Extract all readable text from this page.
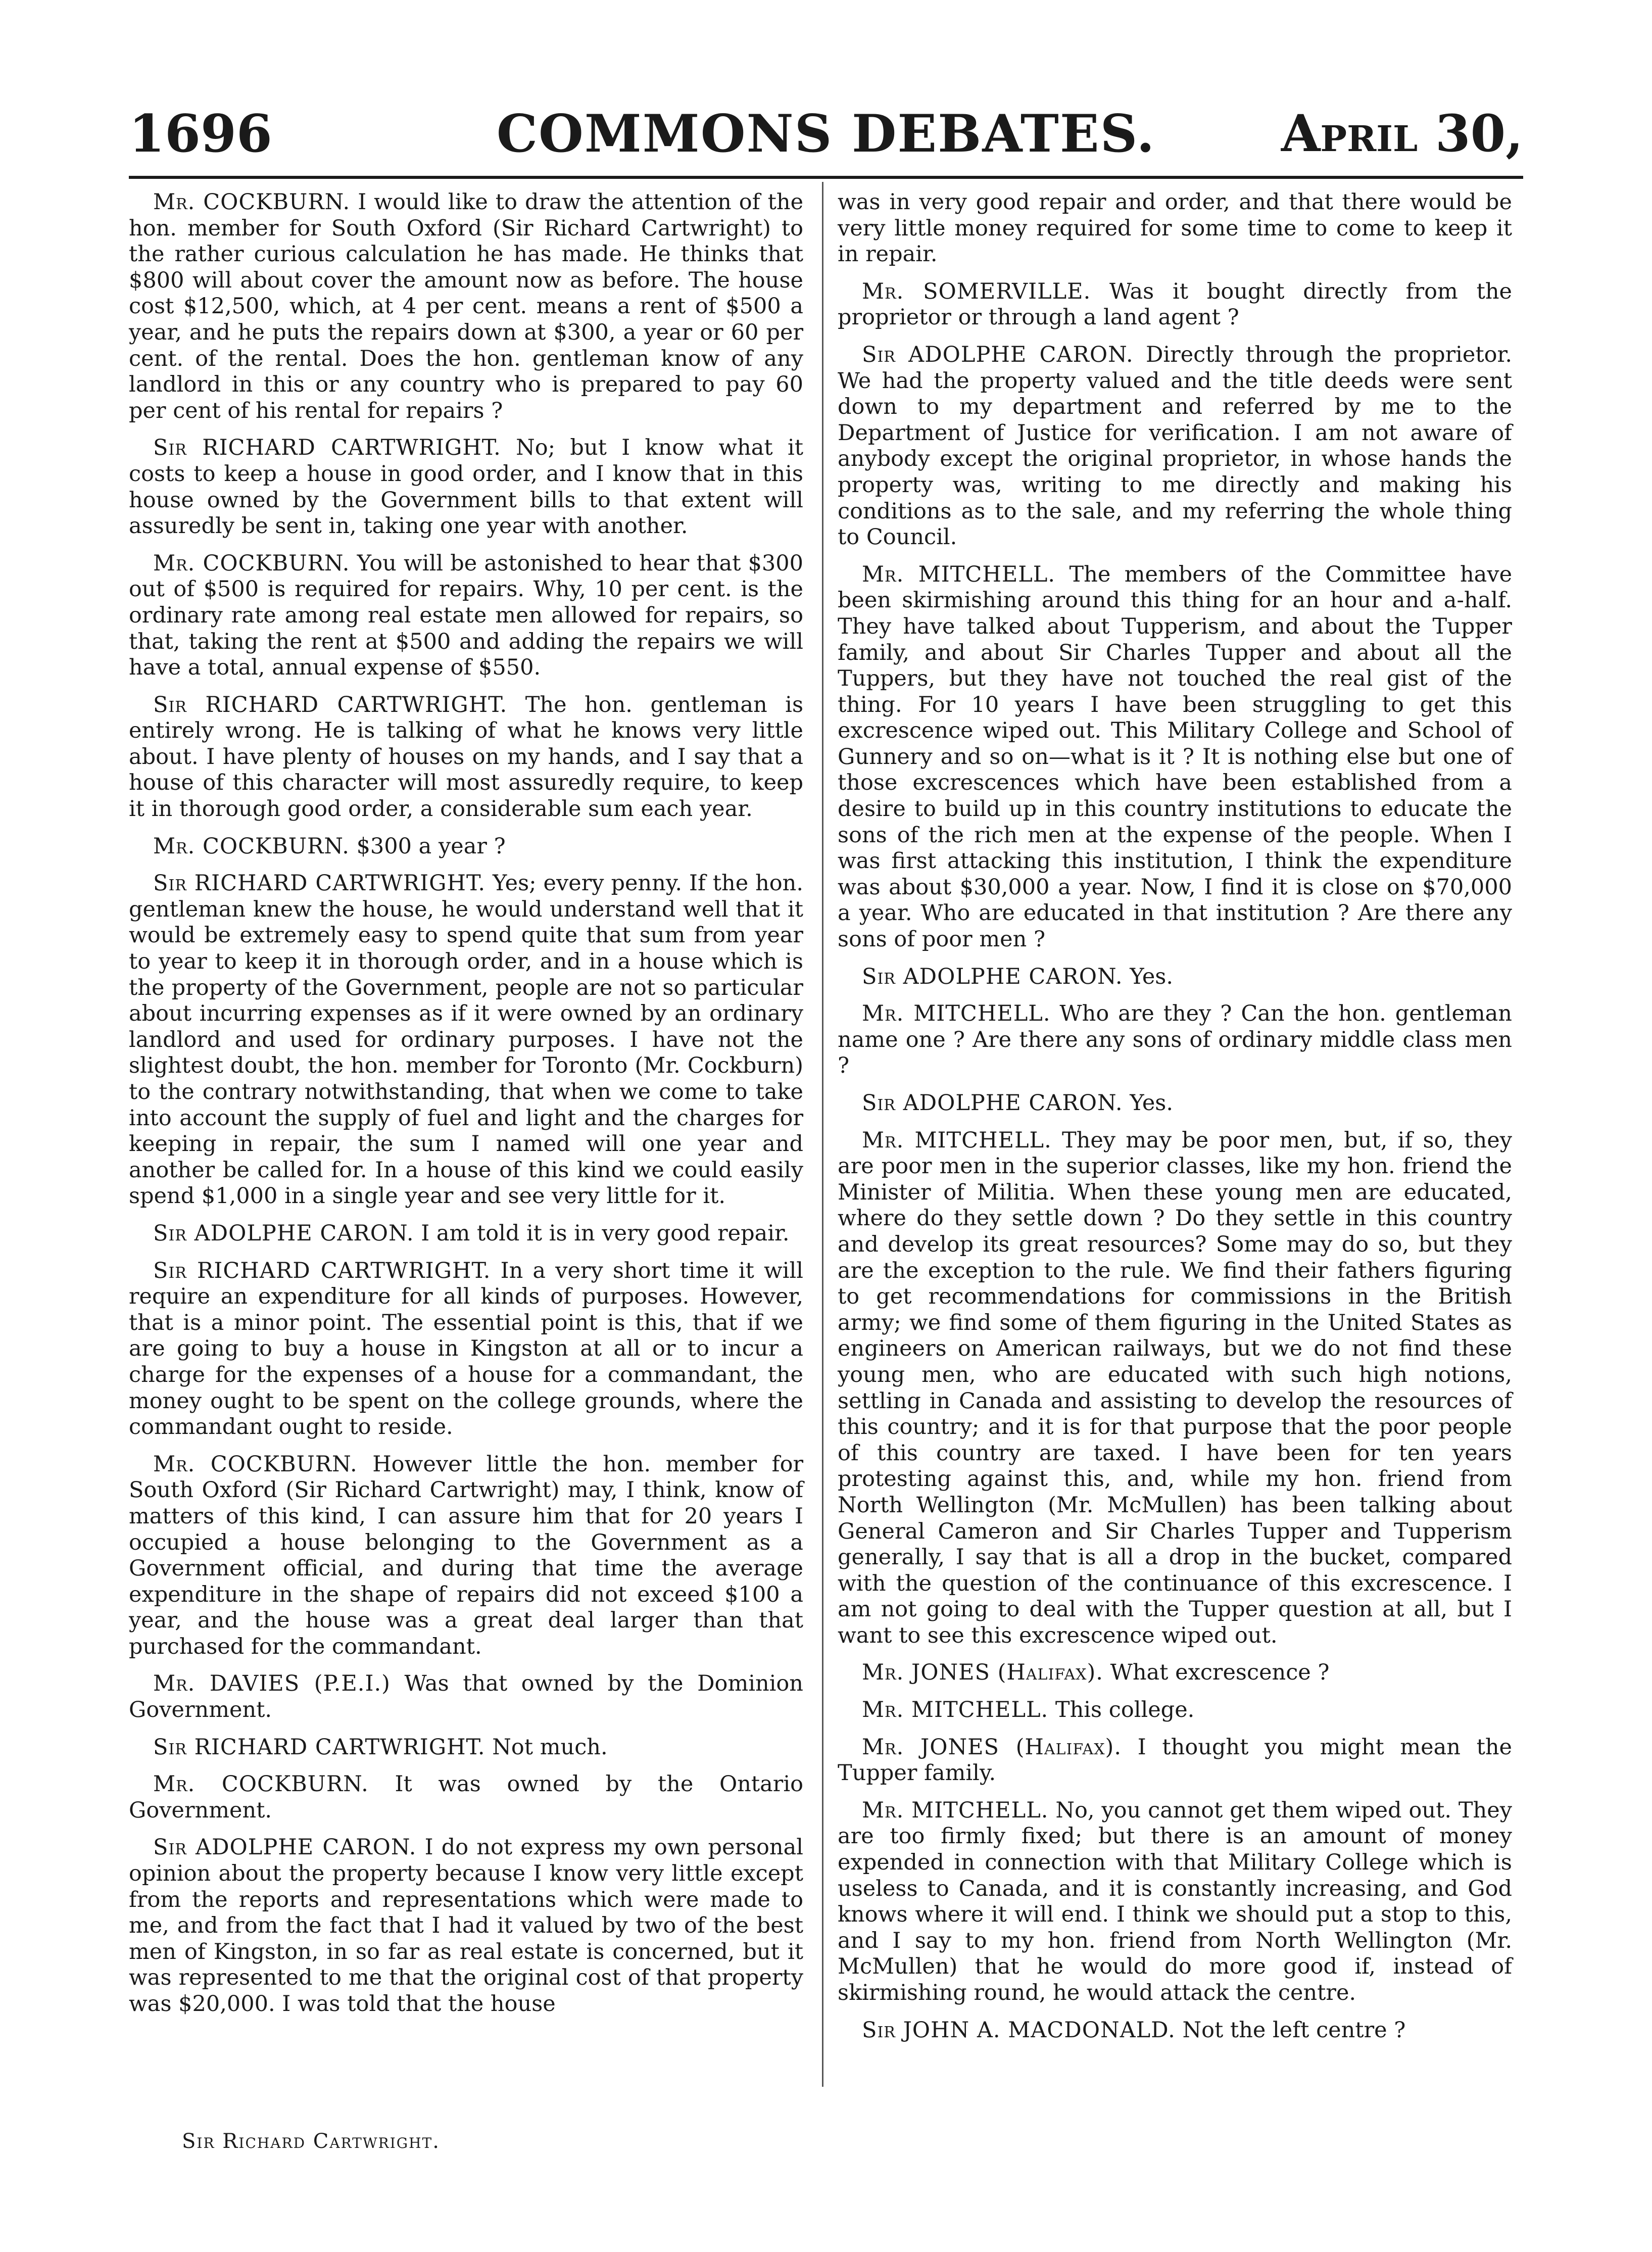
1696	COMMONS DEBATES.	April 30,

Mr. COCKBURN. I would like to draw the attention of the hon. member for South Oxford (Sir Richard Cartwright) to the rather curious calculation he has made. He thinks that $800 will about cover the amount now as before. The house cost $12,500, which, at 4 per cent. means a rent of $500 a year, and he puts the repairs down at $300, a year or 60 per cent. of the rental. Does the hon. gentleman know of any landlord in this or any country who is prepared to pay 60 per cent of his rental for repairs ?

Sir RICHARD CARTWRIGHT. No; but I know what it costs to keep a house in good order, and I know that in this house owned by the Government bills to that extent will assuredly be sent in, taking one year with another.

Mr. COCKBURN. You will be astonished to hear that $300 out of $500 is required for repairs. Why, 10 per cent. is the ordinary rate among real estate men allowed for repairs, so that, taking the rent at $500 and adding the repairs we will have a total, annual expense of $550.

Sir RICHARD CARTWRIGHT. The hon. gentleman is entirely wrong. He is talking of what he knows very little about. I have plenty of houses on my hands, and I say that a house of this character will most assuredly require, to keep it in thorough good order, a considerable sum each year.

Mr. COCKBURN. $300 a year ?

Sir RICHARD CARTWRIGHT. Yes; every penny. If the hon. gentleman knew the house, he would understand well that it would be extremely easy to spend quite that sum from year to year to keep it in thorough order, and in a house which is the property of the Government, people are not so particular about incurring expenses as if it were owned by an ordinary landlord and used for ordinary purposes. I have not the slightest doubt, the hon. member for Toronto (Mr. Cockburn) to the contrary notwithstanding, that when we come to take into account the supply of fuel and light and the charges for keeping in repair, the sum I named will one year and another be called for. In a house of this kind we could easily spend $1,000 in a single year and see very little for it.

Sir ADOLPHE CARON. I am told it is in very good repair.

Sir RICHARD CARTWRIGHT. In a very short time it will require an expenditure for all kinds of purposes. However, that is a minor point. The essential point is this, that if we are going to buy a house in Kingston at all or to incur a charge for the expenses of a house for a commandant, the money ought to be spent on the college grounds, where the commandant ought to reside.

Mr. COCKBURN. However little the hon. member for South Oxford (Sir Richard Cartwright) may, I think, know of matters of this kind, I can assure him that for 20 years I occupied a house belonging to the Government as a Government official, and during that time the average expenditure in the shape of repairs did not exceed $100 a year, and the house was a great deal larger than that purchased for the commandant.

Mr. DAVIES (P.E.I.) Was that owned by the Dominion Government.

Sir RICHARD CARTWRIGHT. Not much.

Mr. COCKBURN. It was owned by the Ontario Government.

Sir ADOLPHE CARON. I do not express my own personal opinion about the property because I know very little except from the reports and representations which were made to me, and from the fact that I had it valued by two of the best men of Kingston, in so far as real estate is concerned, but it was represented to me that the original cost of that property was $20,000. I was told that the house

was in very good repair and order, and that there would be very little money required for some time to come to keep it in repair.

Mr. SOMERVILLE. Was it bought directly from the proprietor or through a land agent ?

Sir ADOLPHE CARON. Directly through the proprietor. We had the property valued and the title deeds were sent down to my department and referred by me to the Department of Justice for verification. I am not aware of anybody except the original proprietor, in whose hands the property was, writing to me directly and making his conditions as to the sale, and my referring the whole thing to Council.

Mr. MITCHELL. The members of the Committee have been skirmishing around this thing for an hour and a-half. They have talked about Tupperism, and about the Tupper family, and about Sir Charles Tupper and about all the Tuppers, but they have not touched the real gist of the thing. For 10 years I have been struggling to get this excrescence wiped out. This Military College and School of Gunnery and so on—what is it ? It is nothing else but one of those excrescences which have been established from a desire to build up in this country institutions to educate the sons of the rich men at the expense of the people. When I was first attacking this institution, I think the expenditure was about $30,000 a year. Now, I find it is close on $70,000 a year. Who are educated in that institution ? Are there any sons of poor men ?

Sir ADOLPHE CARON. Yes.

Mr. MITCHELL. Who are they ? Can the hon. gentleman name one ? Are there any sons of ordinary middle class men ?

Sir ADOLPHE CARON. Yes.

Mr. MITCHELL. They may be poor men, but, if so, they are poor men in the superior classes, like my hon. friend the Minister of Militia. When these young men are educated, where do they settle down ? Do they settle in this country and develop its great resources? Some may do so, but they are the exception to the rule. We find their fathers figuring to get recommendations for commissions in the British army; we find some of them figuring in the United States as engineers on American railways, but we do not find these young men, who are educated with such high notions, settling in Canada and assisting to develop the resources of this country; and it is for that purpose that the poor people of this country are taxed. I have been for ten years protesting against this, and, while my hon. friend from North Wellington (Mr. McMullen) has been talking about General Cameron and Sir Charles Tupper and Tupperism generally, I say that is all a drop in the bucket, compared with the question of the continuance of this excrescence. I am not going to deal with the Tupper question at all, but I want to see this excrescence wiped out.

Mr. JONES (Halifax). What excrescence ?

Mr. MITCHELL. This college.

Mr. JONES (Halifax). I thought you might mean the Tupper family.

Mr. MITCHELL. No, you cannot get them wiped out. They are too firmly fixed; but there is an amount of money expended in connection with that Military College which is useless to Canada, and it is constantly increasing, and God knows where it will end. I think we should put a stop to this, and I say to my hon. friend from North Wellington (Mr. McMullen) that he would do more good if, instead of skirmishing round, he would attack the centre.

Sir JOHN A. MACDONALD. Not the left centre ?

Sir Richard Cartwright.
